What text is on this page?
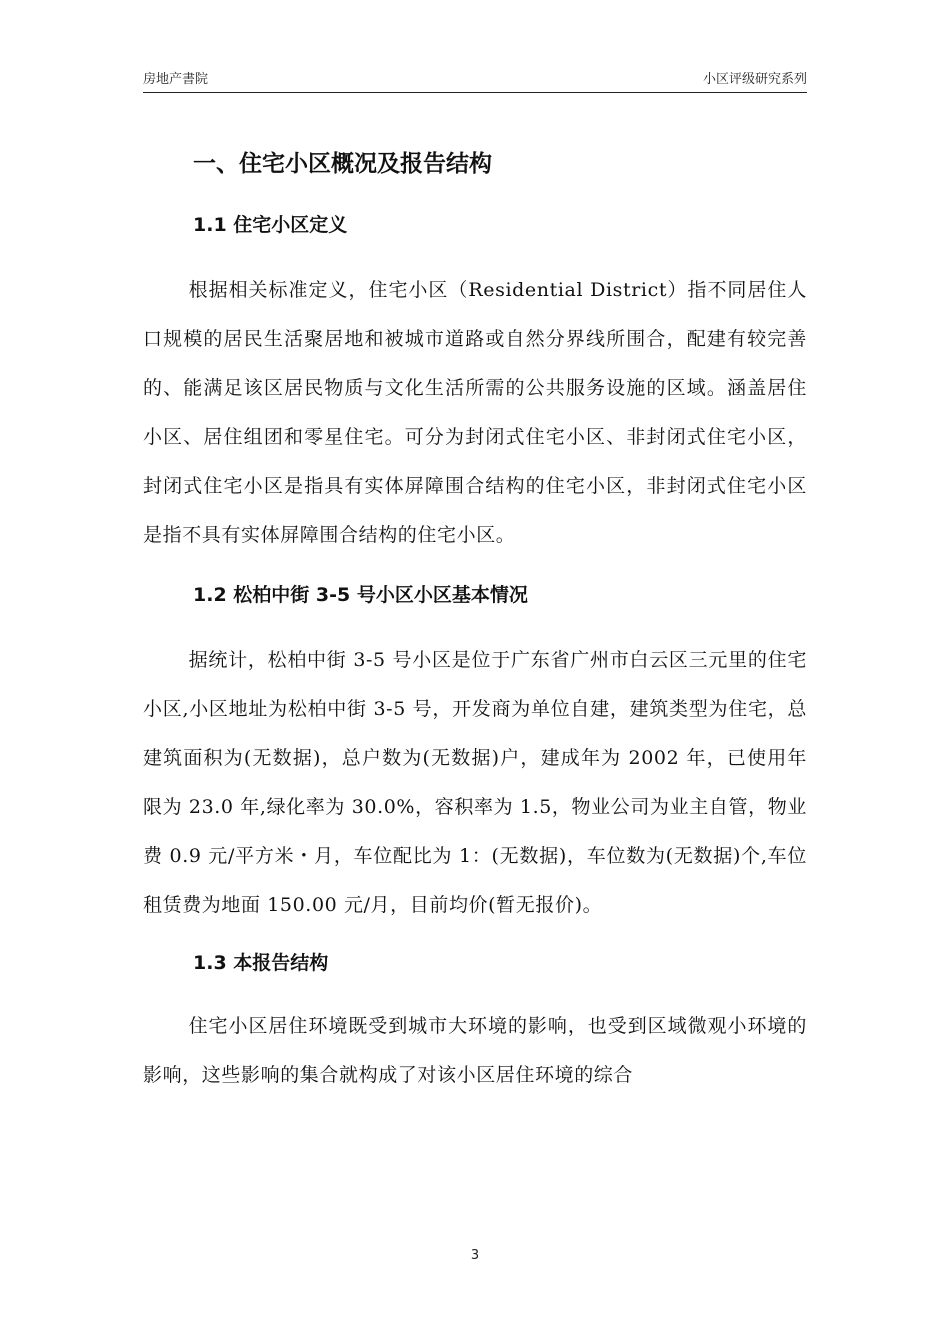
房地产書院	小区评级研究系列
一、住宅小区概况及报告结构
1.1 住宅小区定义

根据相关标准定义，住宅小区（Residential District）指不同居住人口规模的居民生活聚居地和被城市道路或自然分界线所围合，配建有较完善的、能满足该区居民物质与文化生活所需的公共服务设施的区域。涵盖居住小区、居住组团和零星住宅。可分为封闭式住宅小区、非封闭式住宅小区，封闭式住宅小区是指具有实体屏障围合结构的住宅小区，非封闭式住宅小区是指不具有实体屏障围合结构的住宅小区。

1.2 松柏中街 3-5 号小区小区基本情况

据统计，松柏中街 3-5 号小区是位于广东省广州市白云区三元里的住宅小区,小区地址为松柏中街 3-5 号，开发商为单位自建，建筑类型为住宅，总建筑面积为(无数据)，总户数为(无数据)户，建成年为 2002 年，已使用年限为 23.0 年,绿化率为 30.0%，容积率为 1.5，物业公司为业主自管，物业费 0.9 元/平方米・月，车位配比为 1：(无数据)，车位数为(无数据)个,车位租赁费为地面 150.00 元/月，目前均价(暂无报价)。

1.3 本报告结构

住宅小区居住环境既受到城市大环境的影响，也受到区域微观小环境的影响，这些影响的集合就构成了对该小区居住环境的综合

3
